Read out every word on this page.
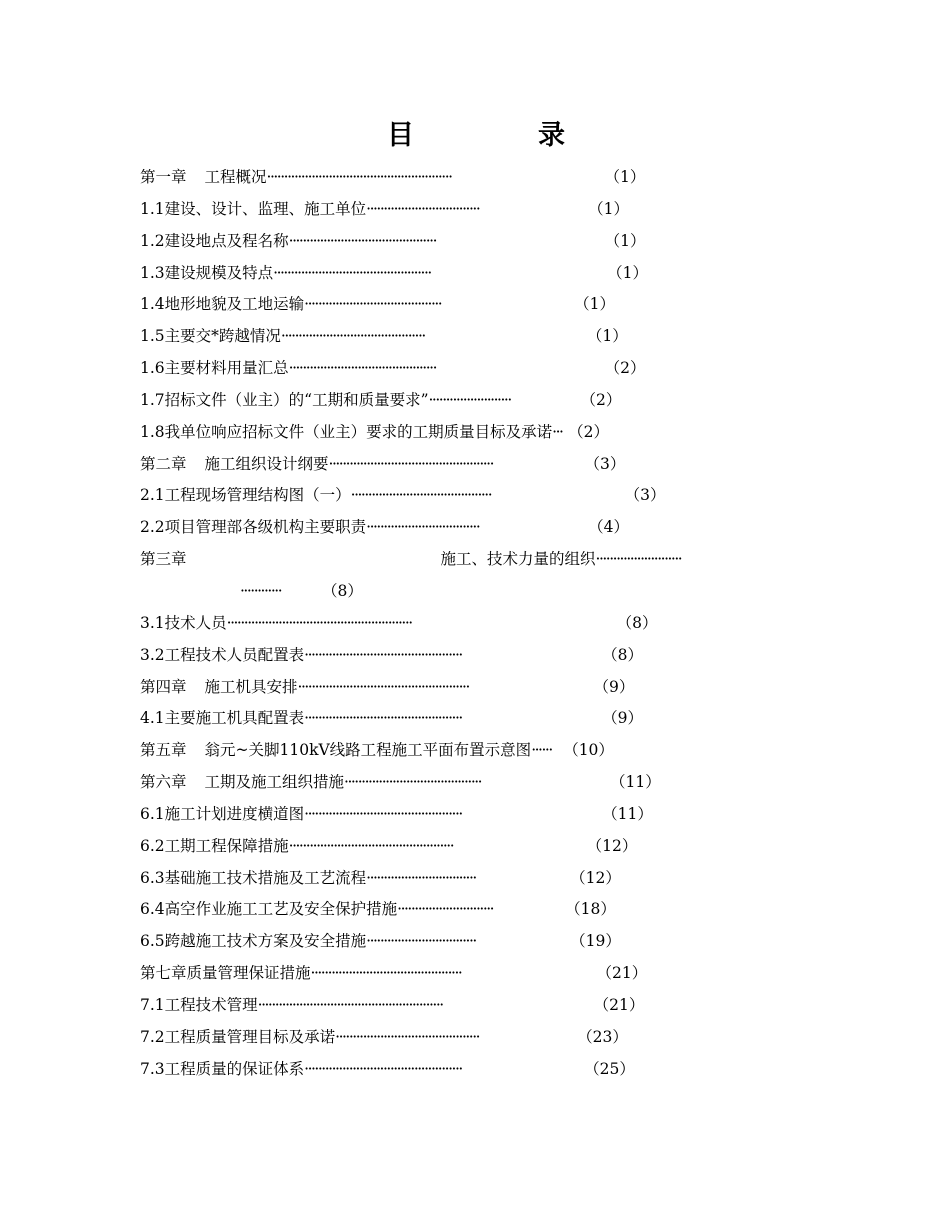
目	录
第一章 工程概况······················································	（1）
1.1建设、设计、监理、施工单位·································	（1）
1.2建设地点及程名称···········································	（1）
1.3建设规模及特点··············································	（1）
1.4地形地貌及工地运输········································	（1）
1.5主要交*跨越情况··········································	（1）
1.6主要材料用量汇总···········································	（2）
1.7招标文件（业主）的“工期和质量要求”························	（2）
1.8我单位响应招标文件（业主）要求的工期质量目标及承诺··· （2）
第二章 施工组织设计纲要················································	（3）
2.1工程现场管理结构图（一）·········································	（3）
2.2项目管理部各级机构主要职责·································	（4）
第三章	施工、技术力量的组织·························
············	（8）
3.1技术人员······················································	（8）
3.2工程技术人员配置表··············································	（8）
第四章 施工机具安排··················································	（9）
4.1主要施工机具配置表··············································	（9）
第五章 翁元~关脚110kV线路工程施工平面布置示意图······ （10）
第六章 工期及施工组织措施········································	（11）
6.1施工计划进度横道图··············································	（11）
6.2工期工程保障措施················································	（12）
6.3基础施工技术措施及工艺流程································	（12）
6.4高空作业施工工艺及安全保护措施····························	（18）
6.5跨越施工技术方案及安全措施································	（19）
第七章质量管理保证措施············································	（21）
7.1工程技术管理······················································	（21）
7.2工程质量管理目标及承诺··········································	（23）
7.3工程质量的保证体系··············································	（25）
